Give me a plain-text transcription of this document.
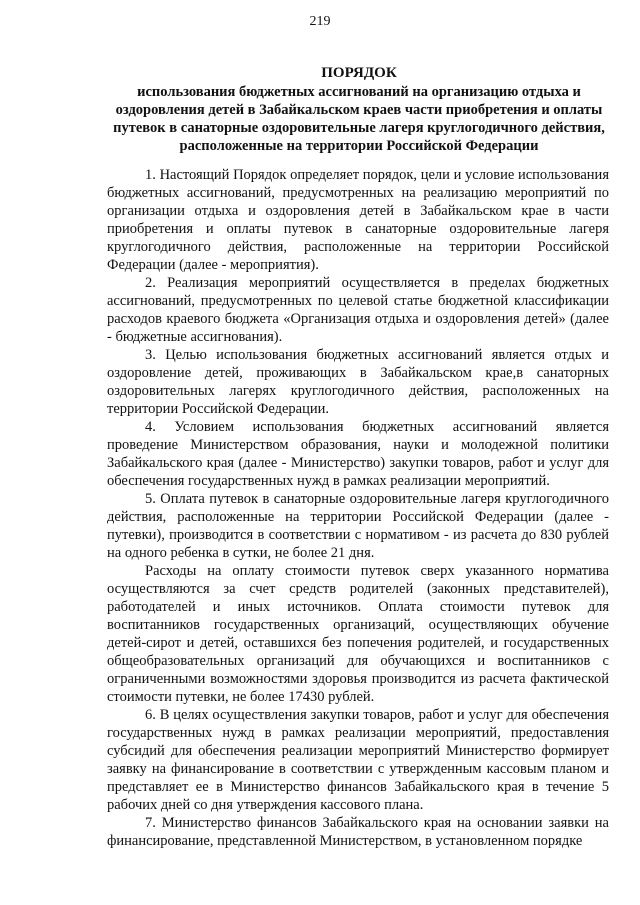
219
ПОРЯДОК
использования бюджетных ассигнований на организацию отдыха и оздоровления детей в Забайкальском краев части приобретения и оплаты путевок в санаторные оздоровительные лагеря круглогодичного действия, расположенные на территории Российской Федерации

1. Настоящий Порядок определяет порядок, цели и условие использования бюджетных ассигнований, предусмотренных на реализацию мероприятий по организации отдыха и оздоровления детей в Забайкальском крае в части приобретения и оплаты путевок в санаторные оздоровительные лагеря круглогодичного действия, расположенные на территории Российской Федерации (далее - мероприятия).

2. Реализация мероприятий осуществляется в пределах бюджетных ассигнований, предусмотренных по целевой статье бюджетной классификации расходов краевого бюджета «Организация отдыха и оздоровления детей» (далее - бюджетные ассигнования).

3. Целью использования бюджетных ассигнований является отдых и оздоровление детей, проживающих в Забайкальском крае,в санаторных оздоровительных лагерях круглогодичного действия, расположенных на территории Российской Федерации.

4. Условием использования бюджетных ассигнований является проведение Министерством образования, науки и молодежной политики Забайкальского края (далее - Министерство) закупки товаров, работ и услуг для обеспечения государственных нужд в рамках реализации мероприятий.

5. Оплата путевок в санаторные оздоровительные лагеря круглогодичного действия, расположенные на территории Российской Федерации (далее - путевки), производится в соответствии с нормативом - из расчета до 830 рублей на одного ребенка в сутки, не более 21 дня.

Расходы на оплату стоимости путевок сверх указанного норматива осуществляются за счет средств родителей (законных представителей), работодателей и иных источников. Оплата стоимости путевок для воспитанников государственных организаций, осуществляющих обучение детей-сирот и детей, оставшихся без попечения родителей, и государственных общеобразовательных организаций для обучающихся и воспитанников с ограниченными возможностями здоровья производится из расчета фактической стоимости путевки, не более 17430 рублей.

6. В целях осуществления закупки товаров, работ и услуг для обеспечения государственных нужд в рамках реализации мероприятий, предоставления субсидий для обеспечения реализации мероприятий Министерство формирует заявку на финансирование в соответствии с утвержденным кассовым планом и представляет ее в Министерство финансов Забайкальского края в течение 5 рабочих дней со дня утверждения кассового плана.

7. Министерство финансов Забайкальского края на основании заявки на финансирование, представленной Министерством, в установленном порядке
